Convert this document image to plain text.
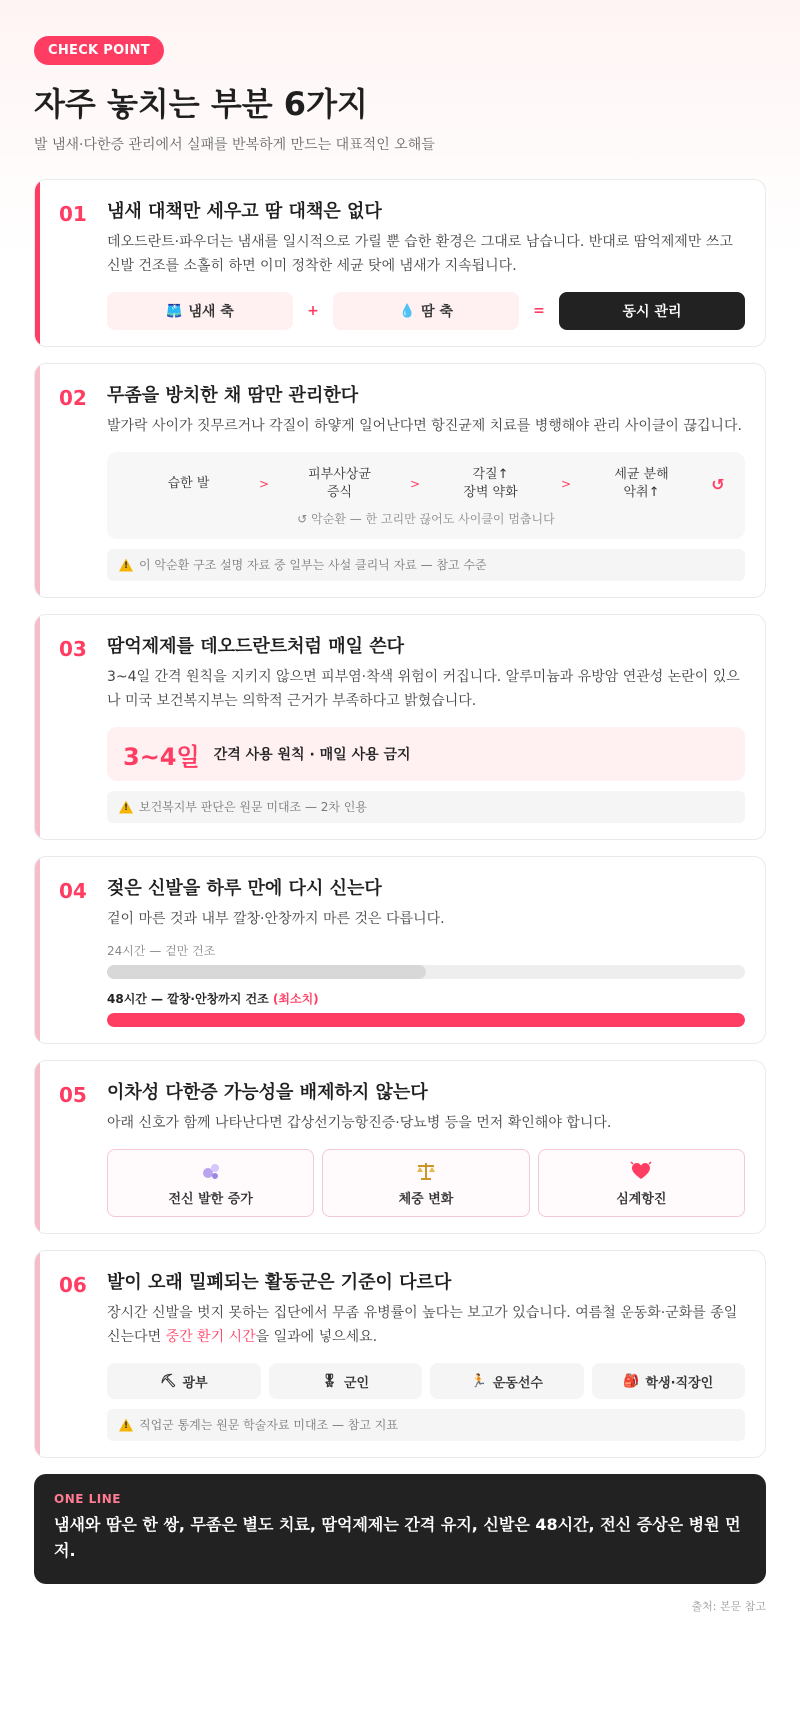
CHECK POINT
자주 놓치는 부분 6가지

발 냄새·다한증 관리에서 실패를 반복하게 만드는 대표적인 오해들

01	냄새 대책만 세우고 땀 대책은 없다
데오드란트·파우더는 냄새를 일시적으로 가릴 뿐 습한 환경은 그대로 남습니다. 반대로 땀억제제만 쓰고 신발 건조를 소홀히 하면 이미 정착한 세균 탓에 냄새가 지속됩니다.
🩳 냄새 축	+	💧 땀 축	=	동시 관리
02	무좀을 방치한 채 땀만 관리한다
발가락 사이가 짓무르거나 각질이 하얗게 일어난다면 항진균제 치료를 병행해야 관리 사이클이 끊깁니다.
습한 발	>
피부사상균
증식
>
각질↑
장벽 약화
>
세균 분해
악취↑	↺
↺ 악순환 — 한 고리만 끊어도 사이클이 멈춥니다
!
이 악순환 구조 설명 자료 중 일부는 사설 클리닉 자료 — 참고 수준
03	땀억제제를 데오드란트처럼 매일 쓴다
3~4일 간격 원칙을 지키지 않으면 피부염·착색 위험이 커집니다. 알루미늄과 유방암 연관성 논란이 있으나 미국 보건복지부는 의학적 근거가 부족하다고 밝혔습니다.
3~4일 간격 사용 원칙 · 매일 사용 금지
!
보건복지부 판단은 원문 미대조 — 2차 인용
04	젖은 신발을 하루 만에 다시 신는다
겉이 마른 것과 내부 깔창·안창까지 마른 것은 다릅니다.
24시간 — 겉만 건조
48시간 — 깔창·안창까지 건조 (최소치)
05	이차성 다한증 가능성을 배제하지 않는다
아래 신호가 함께 나타난다면 갑상선기능항진증·당뇨병 등을 먼저 확인해야 합니다.
전신 발한 증가	체중 변화	심계항진
06	발이 오래 밀폐되는 활동군은 기준이 다르다
장시간 신발을 벗지 못하는 집단에서 무좀 유병률이 높다는 보고가 있습니다. 여름철 운동화·군화를 종일 신는다면 중간 환기 시간을 일과에 넣으세요.
⛏ 광부	🎖 군인	🏃 운동선수	🎒 학생·직장인
!
직업군 통계는 원문 학술자료 미대조 — 참고 지표
ONE LINE
냄새와 땀은 한 쌍, 무좀은 별도 치료, 땀억제제는 간격 유지, 신발은 48시간, 전신 증상은 병원 먼저.
출처: 본문 참고
